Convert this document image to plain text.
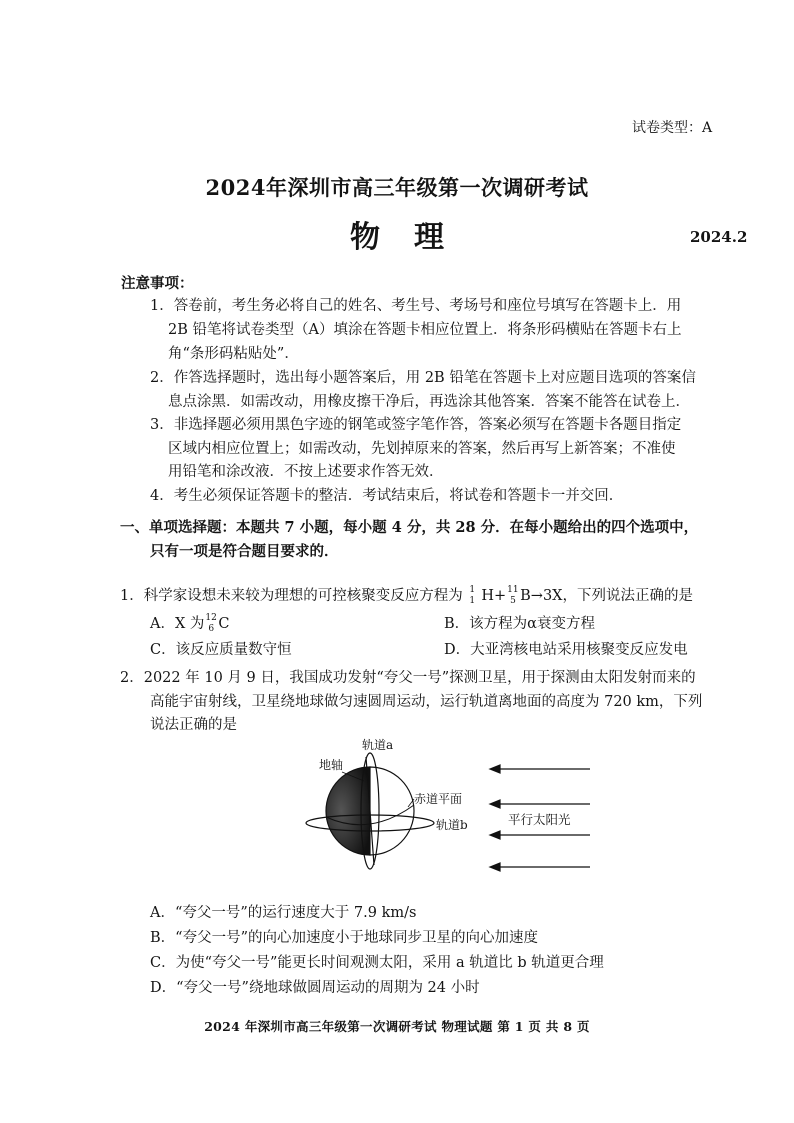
试卷类型：A
2024年深圳市高三年级第一次调研考试
物理	2024.2
注意事项：
1．答卷前，考生务必将自己的姓名、考生号、考场号和座位号填写在答题卡上．用
2B 铅笔将试卷类型（A）填涂在答题卡相应位置上．将条形码横贴在答题卡右上
角“条形码粘贴处”．
2．作答选择题时，选出每小题答案后，用 2B 铅笔在答题卡上对应题目选项的答案信
息点涂黑．如需改动，用橡皮擦干净后，再选涂其他答案．答案不能答在试卷上．
3．非选择题必须用黑色字迹的钢笔或签字笔作答，答案必须写在答题卡各题目指定
区域内相应位置上；如需改动，先划掉原来的答案，然后再写上新答案；不准使
用铅笔和涂改液．不按上述要求作答无效．
4．考生必须保证答题卡的整洁．考试结束后，将试卷和答题卡一并交回．
一、单项选择题：本题共 7 小题，每小题 4 分，共 28 分．在每小题给出的四个选项中，
只有一项是符合题目要求的．
1．科学家设想未来较为理想的可控核聚变反应方程为 1
1 H+ 11
5 B→3X，下列说法正确的是
A．X 为 12
6 C	B．该方程为α衰变方程
C．该反应质量数守恒	D．大亚湾核电站采用核聚变反应发电
2．2022 年 10 月 9 日，我国成功发射“夸父一号”探测卫星，用于探测由太阳发射而来的
高能宇宙射线，卫星绕地球做匀速圆周运动，运行轨道离地面的高度为 720 km，下列
说法正确的是
地轴
轨道a
赤道平面
轨道b	平行太阳光
A．“夸父一号”的运行速度大于 7.9 km/s
B．“夸父一号”的向心加速度小于地球同步卫星的向心加速度
C．为使“夸父一号”能更长时间观测太阳，采用 a 轨道比 b 轨道更合理
D．“夸父一号”绕地球做圆周运动的周期为 24 小时
2024 年深圳市高三年级第一次调研考试 物理试题 第 1 页 共 8 页
